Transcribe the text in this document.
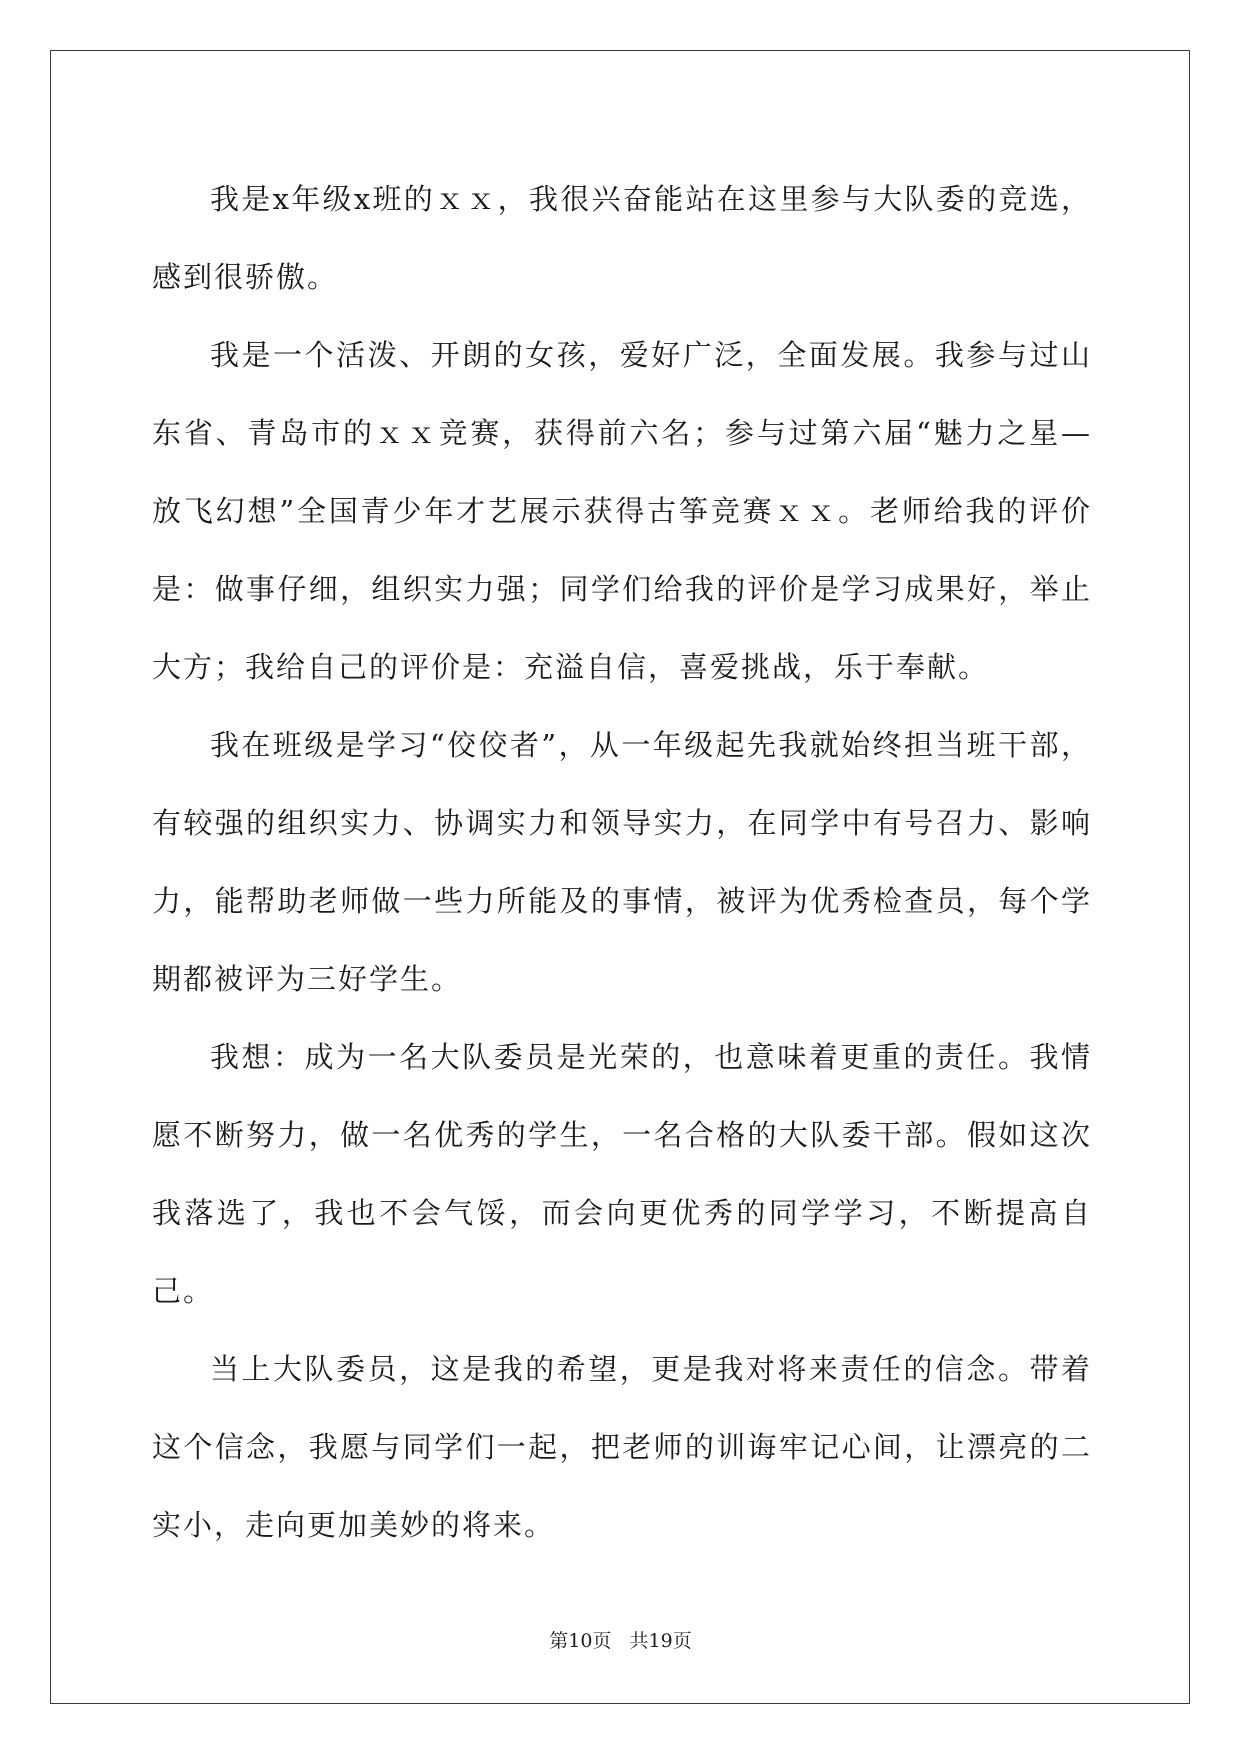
我是x年级x班的ｘｘ，我很兴奋能站在这里参与大队委的竞选，感到很骄傲。

我是一个活泼、开朗的女孩，爱好广泛，全面发展。我参与过山东省、青岛市的ｘｘ竞赛，获得前六名；参与过第六届“魅力之星—放飞幻想”全国青少年才艺展示获得古筝竞赛ｘｘ。老师给我的评价是：做事仔细，组织实力强；同学们给我的评价是学习成果好，举止大方；我给自己的评价是：充溢自信，喜爱挑战，乐于奉献。

我在班级是学习“佼佼者”，从一年级起先我就始终担当班干部，有较强的组织实力、协调实力和领导实力，在同学中有号召力、影响力，能帮助老师做一些力所能及的事情，被评为优秀检查员，每个学期都被评为三好学生。

我想：成为一名大队委员是光荣的，也意味着更重的责任。我情愿不断努力，做一名优秀的学生，一名合格的大队委干部。假如这次我落选了，我也不会气馁，而会向更优秀的同学学习，不断提高自己。

当上大队委员，这是我的希望，更是我对将来责任的信念。带着这个信念，我愿与同学们一起，把老师的训诲牢记心间，让漂亮的二实小，走向更加美妙的将来。

第10页 共19页
